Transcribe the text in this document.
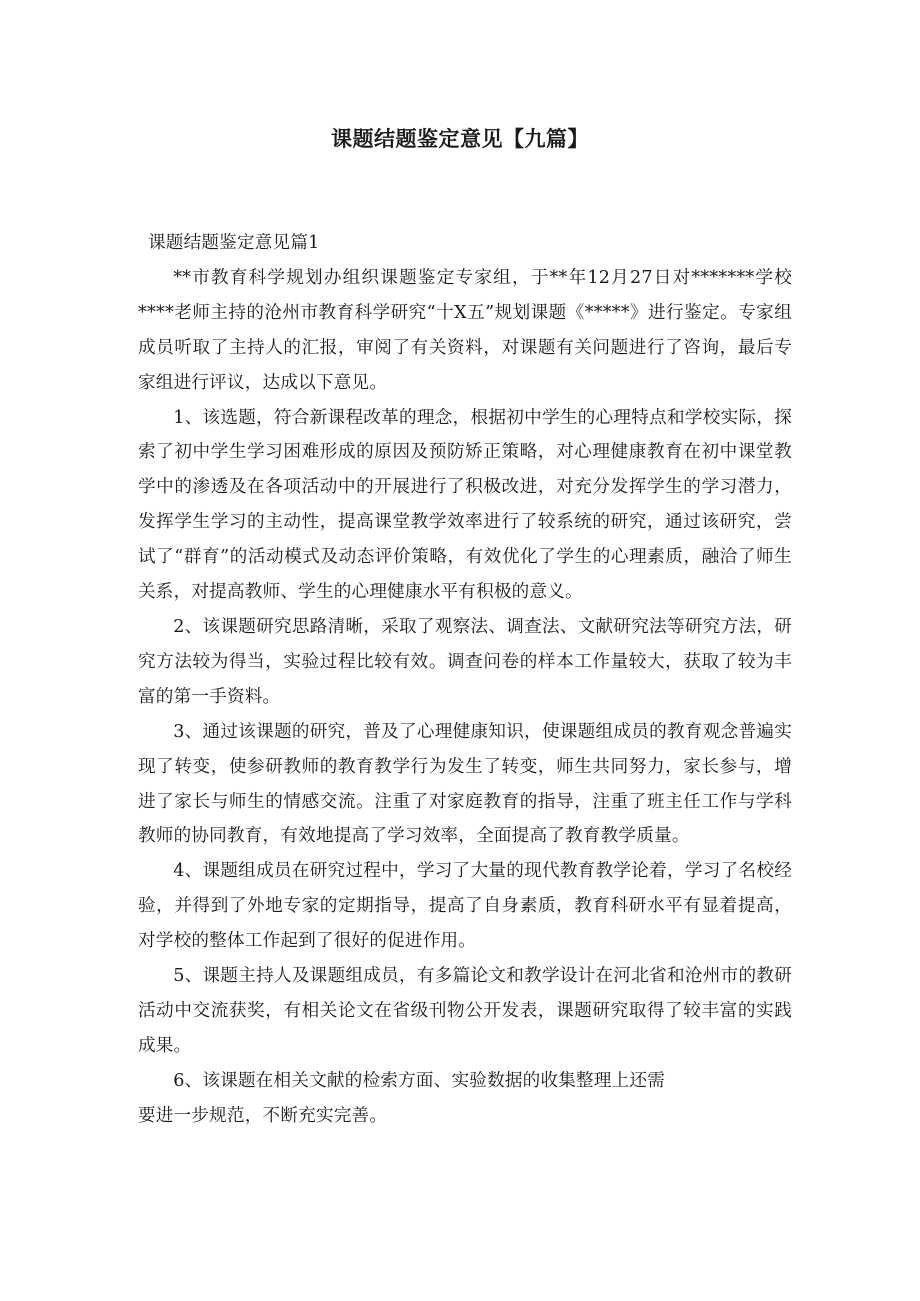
课题结题鉴定意见【九篇】

课题结题鉴定意见篇1

**市教育科学规划办组织课题鉴定专家组，于**年12月27日对*******学校****老师主持的沧州市教育科学研究“十X五”规划课题《*****》进行鉴定。专家组成员听取了主持人的汇报，审阅了有关资料，对课题有关问题进行了咨询，最后专家组进行评议，达成以下意见。

1、该选题，符合新课程改革的理念，根据初中学生的心理特点和学校实际，探索了初中学生学习困难形成的原因及预防矫正策略，对心理健康教育在初中课堂教学中的渗透及在各项活动中的开展进行了积极改进，对充分发挥学生的学习潜力，发挥学生学习的主动性，提高课堂教学效率进行了较系统的研究，通过该研究，尝试了“群育”的活动模式及动态评价策略，有效优化了学生的心理素质，融洽了师生关系，对提高教师、学生的心理健康水平有积极的意义。

2、该课题研究思路清晰，采取了观察法、调查法、文献研究法等研究方法，研究方法较为得当，实验过程比较有效。调查问卷的样本工作量较大，获取了较为丰富的第一手资料。

3、通过该课题的研究，普及了心理健康知识，使课题组成员的教育观念普遍实现了转变，使参研教师的教育教学行为发生了转变，师生共同努力，家长参与，增进了家长与师生的情感交流。注重了对家庭教育的指导，注重了班主任工作与学科教师的协同教育，有效地提高了学习效率，全面提高了教育教学质量。

4、课题组成员在研究过程中，学习了大量的现代教育教学论着，学习了名校经验，并得到了外地专家的定期指导，提高了自身素质，教育科研水平有显着提高，对学校的整体工作起到了很好的促进作用。

5、课题主持人及课题组成员，有多篇论文和教学设计在河北省和沧州市的教研活动中交流获奖，有相关论文在省级刊物公开发表，课题研究取得了较丰富的实践成果。

6、该课题在相关文献的检索方面、实验数据的收集整理上还需

要进一步规范，不断充实完善。
